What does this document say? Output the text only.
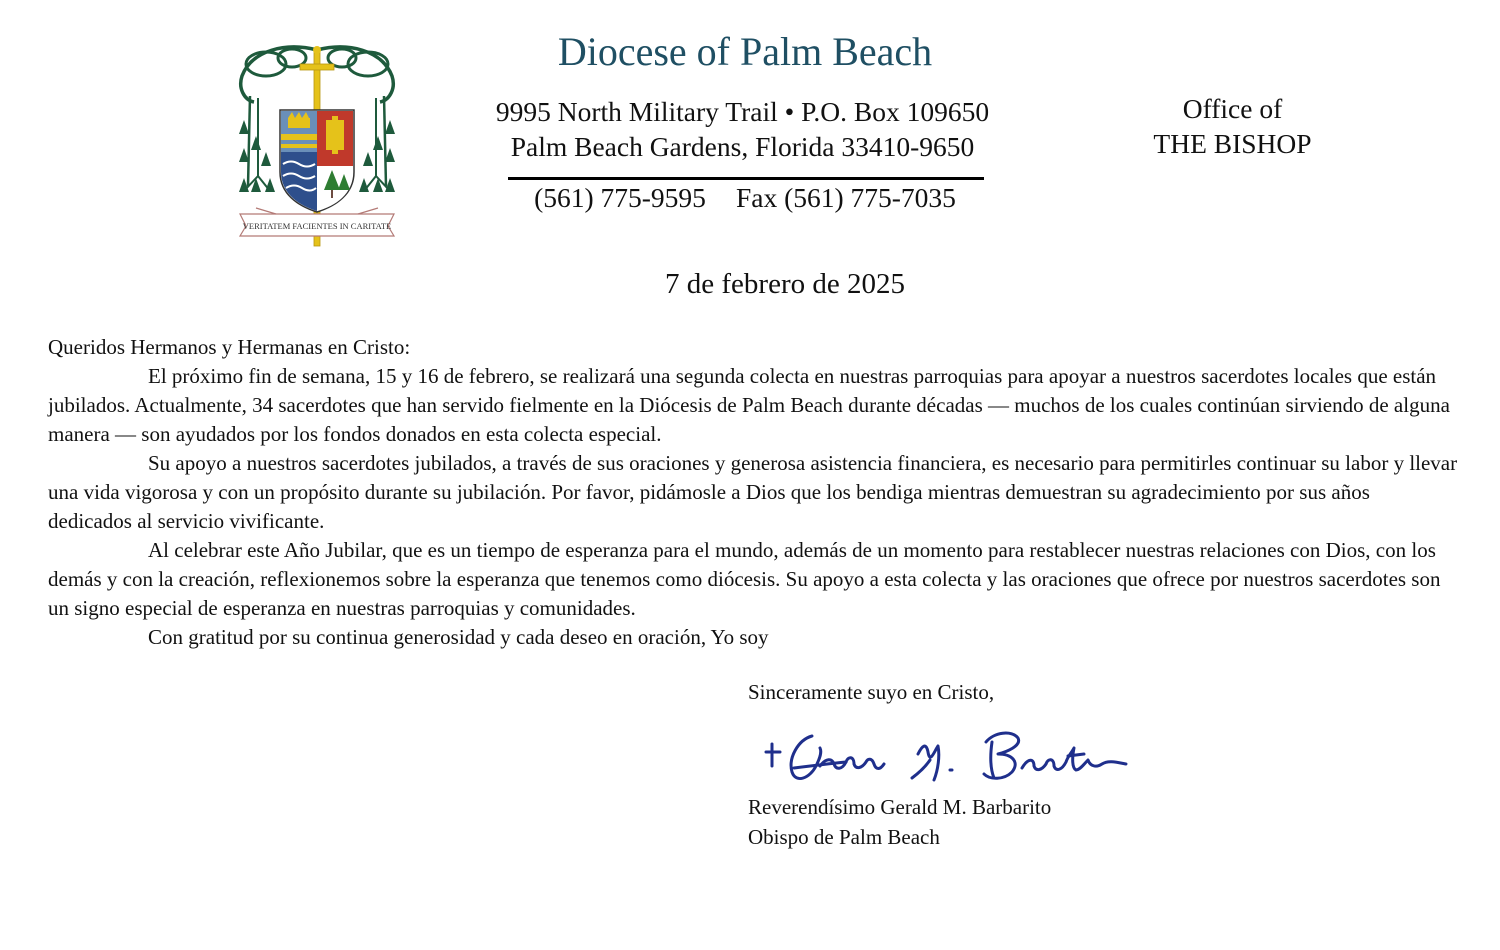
VERITATEM FACIENTES IN CARITATE
Diocese of Palm Beach
9995 North Military Trail • P.O. Box 109650
Palm Beach Gardens, Florida 33410-9650
(561) 775-9595 Fax (561) 775-7035
Office of
THE BISHOP
7 de febrero de 2025

Queridos Hermanos y Hermanas en Cristo:

El próximo fin de semana, 15 y 16 de febrero, se realizará una segunda colecta en nuestras parroquias para apoyar a nuestros sacerdotes locales que están jubilados. Actualmente, 34 sacerdotes que han servido fielmente en la Diócesis de Palm Beach durante décadas — muchos de los cuales continúan sirviendo de alguna manera — son ayudados por los fondos donados en esta colecta especial.

Su apoyo a nuestros sacerdotes jubilados, a través de sus oraciones y generosa asistencia financiera, es necesario para permitirles continuar su labor y llevar una vida vigorosa y con un propósito durante su jubilación. Por favor, pidámosle a Dios que los bendiga mientras demuestran su agradecimiento por sus años dedicados al servicio vivificante.

Al celebrar este Año Jubilar, que es un tiempo de esperanza para el mundo, además de un momento para restablecer nuestras relaciones con Dios, con los demás y con la creación, reflexionemos sobre la esperanza que tenemos como diócesis. Su apoyo a esta colecta y las oraciones que ofrece por nuestros sacerdotes son un signo especial de esperanza en nuestras parroquias y comunidades.

Con gratitud por su continua generosidad y cada deseo en oración, Yo soy

Sinceramente suyo en Cristo,
Reverendísimo Gerald M. Barbarito
Obispo de Palm Beach
